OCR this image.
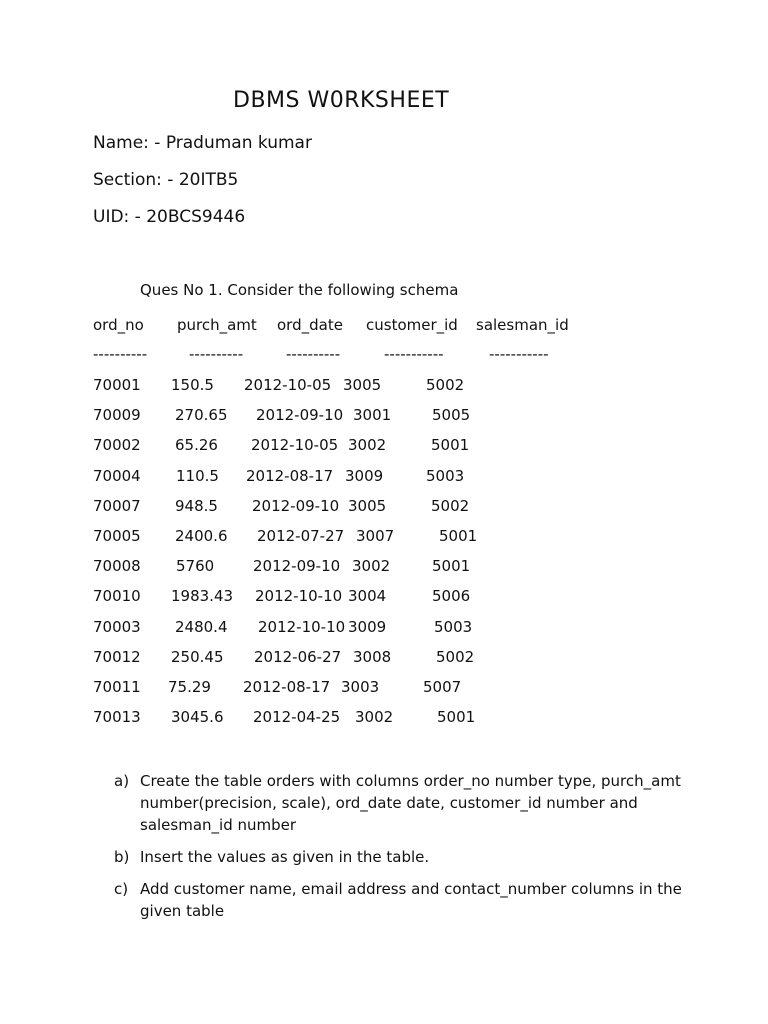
DBMS W0RKSHEET
Name: - Praduman kumar
Section: - 20ITB5
UID: - 20BCS9446
Ques No 1. Consider the following schema
ord_no purch_amt ord_date customer_id salesman_id
----------	----------	----------	-----------	-----------
70001 150.5 2012-10-05 3005	5002
70009 270.65 2012-09-10 3001	5005
70002 65.26 2012-10-05 3002	5001
70004 110.5 2012-08-17 3009	5003
70007 948.5 2012-09-10 3005	5002
70005 2400.6 2012-07-27 3007	5001
70008 5760	2012-09-10 3002	5001
70010 1983.43 2012-10-10 3004	5006
70003 2480.4 2012-10-10 3009	5003
70012 250.45 2012-06-27 3008	5002
70011 75.29 2012-08-17 3003	5007
70013 3045.6 2012-04-25 3002	5001
a) Create the table orders with columns order_no number type, purch_amt number(precision, scale), ord_date date, customer_id number and salesman_id number
b) Insert the values as given in the table.
c) Add customer name, email address and contact_number columns in the given table
